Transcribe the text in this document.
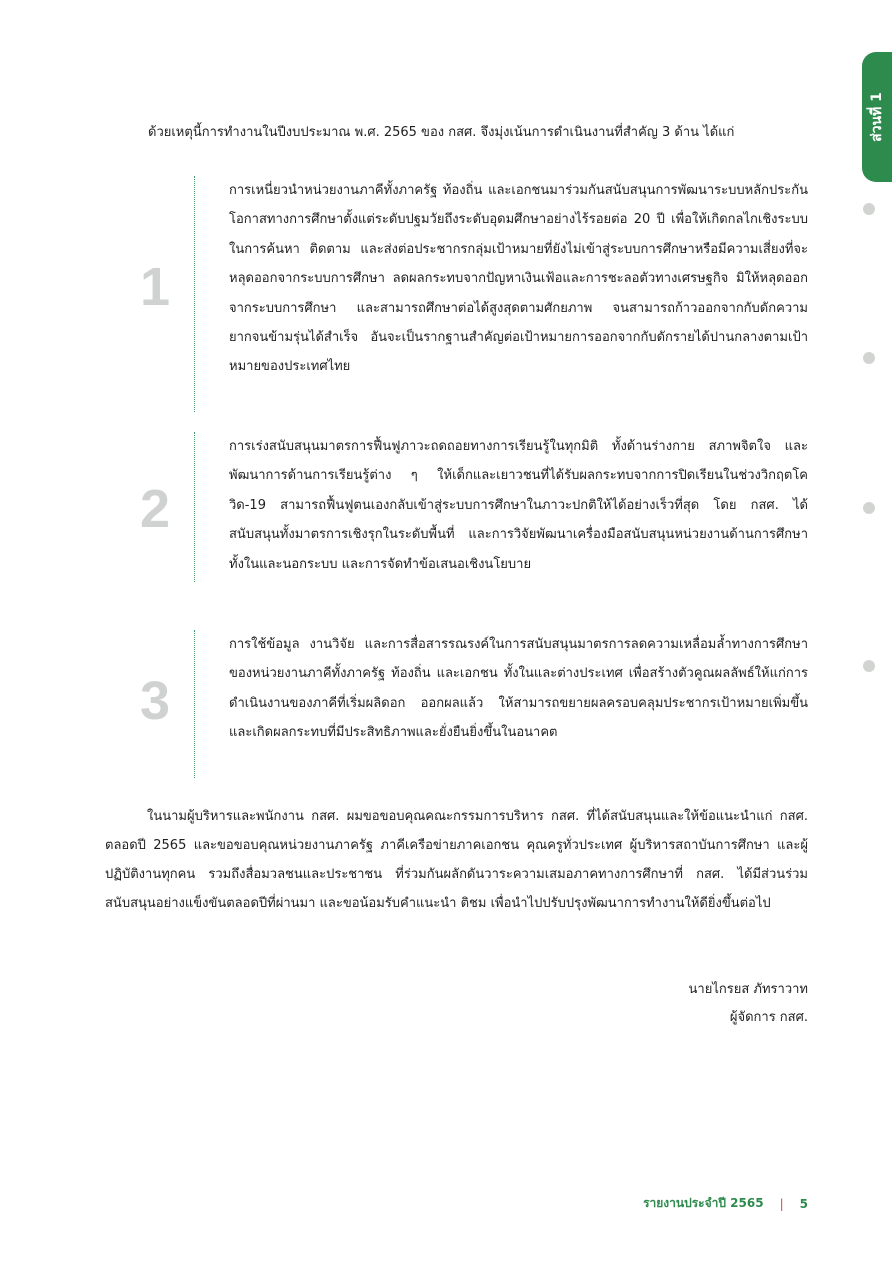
ส่วนที่ 1

ด้วยเหตุนี้การทำงานในปีงบประมาณ พ.ศ. 2565 ของ กสศ. จึงมุ่งเน้นการดำเนินงานที่สำคัญ 3 ด้าน ได้แก่

1

การเหนี่ยวนำหน่วยงานภาคีทั้งภาครัฐ ท้องถิ่น และเอกชนมาร่วมกันสนับสนุนการพัฒนาระบบหลักประกันโอกาสทางการศึกษาตั้งแต่ระดับปฐมวัยถึงระดับอุดมศึกษาอย่างไร้รอยต่อ 20 ปี เพื่อให้เกิดกลไกเชิงระบบในการค้นหา ติดตาม และส่งต่อประชากรกลุ่มเป้าหมายที่ยังไม่เข้าสู่ระบบการศึกษาหรือมีความเสี่ยงที่จะหลุดออกจากระบบการศึกษา ลดผลกระทบจากปัญหาเงินเฟ้อและการชะลอตัวทางเศรษฐกิจ มิให้หลุดออกจากระบบการศึกษา และสามารถศึกษาต่อได้สูงสุดตามศักยภาพ จนสามารถก้าวออกจากกับดักความยากจนข้ามรุ่นได้สำเร็จ อันจะเป็นรากฐานสำคัญต่อเป้าหมายการออกจากกับดักรายได้ปานกลางตามเป้าหมายของประเทศไทย

2

การเร่งสนับสนุนมาตรการฟื้นฟูภาวะถดถอยทางการเรียนรู้ในทุกมิติ ทั้งด้านร่างกาย สภาพจิตใจ และพัฒนาการด้านการเรียนรู้ต่าง ๆ ให้เด็กและเยาวชนที่ได้รับผลกระทบจากการปิดเรียนในช่วงวิกฤตโควิด-19 สามารถฟื้นฟูตนเองกลับเข้าสู่ระบบการศึกษาในภาวะปกติให้ได้อย่างเร็วที่สุด โดย กสศ. ได้สนับสนุนทั้งมาตรการเชิงรุกในระดับพื้นที่ และการวิจัยพัฒนาเครื่องมือสนับสนุนหน่วยงานด้านการศึกษาทั้งในและนอกระบบ และการจัดทำข้อเสนอเชิงนโยบาย

3

การใช้ข้อมูล งานวิจัย และการสื่อสารรณรงค์ในการสนับสนุนมาตรการลดความเหลื่อมล้ำทางการศึกษาของหน่วยงานภาคีทั้งภาครัฐ ท้องถิ่น และเอกชน ทั้งในและต่างประเทศ เพื่อสร้างตัวคูณผลลัพธ์ให้แก่การดำเนินงานของภาคีที่เริ่มผลิดอก ออกผลแล้ว ให้สามารถขยายผลครอบคลุมประชากรเป้าหมายเพิ่มขึ้น และเกิดผลกระทบที่มีประสิทธิภาพและยั่งยืนยิ่งขึ้นในอนาคต

ในนามผู้บริหารและพนักงาน กสศ. ผมขอขอบคุณคณะกรรมการบริหาร กสศ. ที่ได้สนับสนุนและให้ข้อแนะนำแก่ กสศ. ตลอดปี 2565 และขอขอบคุณหน่วยงานภาครัฐ ภาคีเครือข่ายภาคเอกชน คุณครูทั่วประเทศ ผู้บริหารสถาบันการศึกษา และผู้ปฏิบัติงานทุกคน รวมถึงสื่อมวลชนและประชาชน ที่ร่วมกันผลักดันวาระความเสมอภาคทางการศึกษาที่ กสศ. ได้มีส่วนร่วมสนับสนุนอย่างแข็งขันตลอดปีที่ผ่านมา และขอน้อมรับคำแนะนำ ติชม เพื่อนำไปปรับปรุงพัฒนาการทำงานให้ดียิ่งขึ้นต่อไป

นายไกรยส ภัทราวาท
ผู้จัดการ กสศ.
รายงานประจำปี 2565 | 5
